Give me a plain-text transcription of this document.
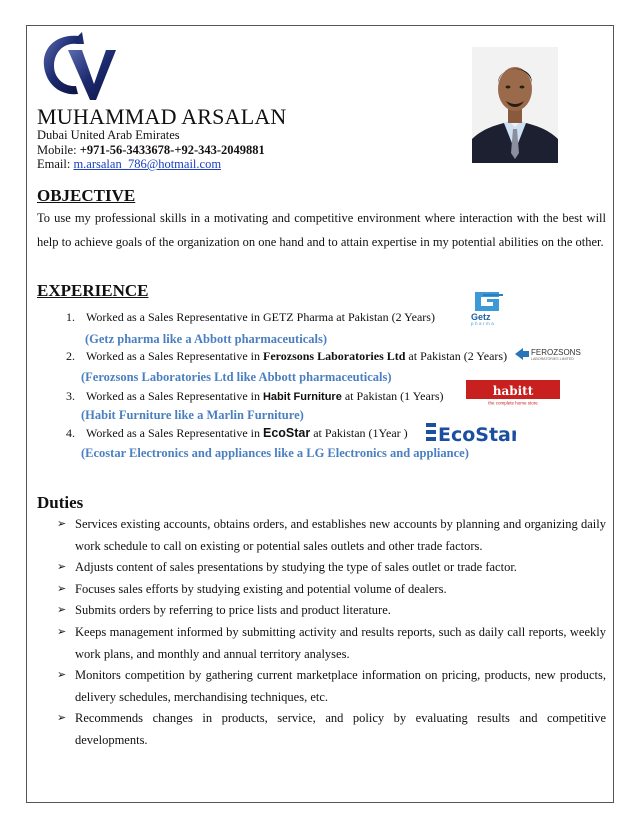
MUHAMMAD ARSALAN
Dubai United Arab Emirates
Mobile: +971-56-3433678-+92-343-2049881
Email: m.arsalan_786@hotmail.com
OBJECTIVE
To use my professional skills in a motivating and competitive environment where interaction with the best will help to achieve goals of the organization on one hand and to attain expertise in my potential abilities on the other.
EXPERIENCE
1. Worked as a Sales Representative in GETZ Pharma at Pakistan (2 Years)
(Getz pharma like a Abbott pharmaceuticals)
Getz
pharma
2. Worked as a Sales Representative in Ferozsons Laboratories Ltd at Pakistan (2 Years)
(Ferozsons Laboratories Ltd like Abbott pharmaceuticals)
FEROZSONS
LABORATORIES LIMITED
3. Worked as a Sales Representative in Habit Furniture at Pakistan (1 Years)
(Habit Furniture like a Marlin Furniture)
habitt
the complete home store
4. Worked as a Sales Representative in EcoStar at Pakistan (1Year )
(Ecostar Electronics and appliances like a LG Electronics and appliance)
EcoStar
Duties
➢ Services existing accounts, obtains orders, and establishes new accounts by planning and organizing daily work schedule to call on existing or potential sales outlets and other trade factors.
➢ Adjusts content of sales presentations by studying the type of sales outlet or trade factor.
➢ Focuses sales efforts by studying existing and potential volume of dealers.
➢ Submits orders by referring to price lists and product literature.
➢ Keeps management informed by submitting activity and results reports, such as daily call reports, weekly work plans, and monthly and annual territory analyses.
➢ Monitors competition by gathering current marketplace information on pricing, products, new products, delivery schedules, merchandising techniques, etc.
➢ Recommends changes in products, service, and policy by evaluating results and competitive developments.
